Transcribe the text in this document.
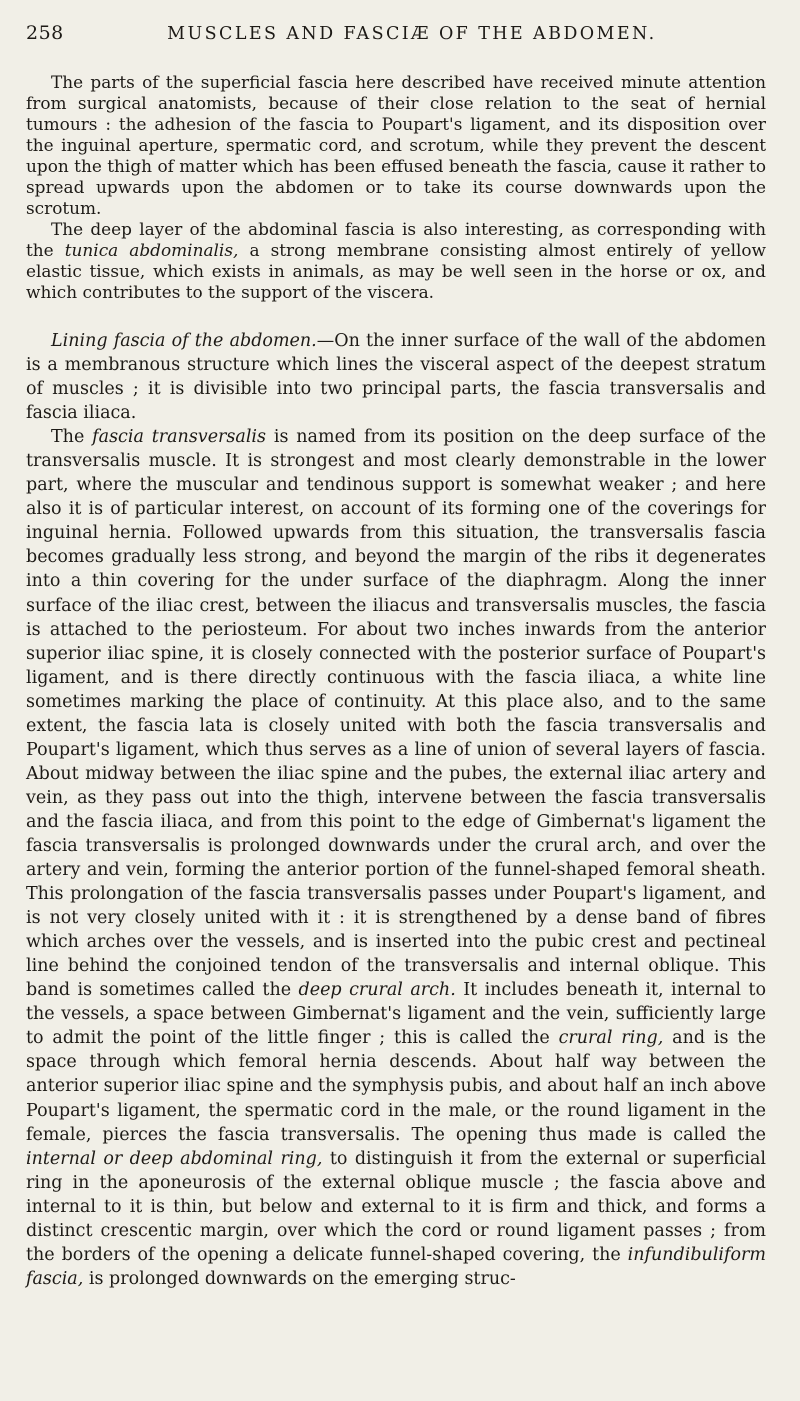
258	MUSCLES AND FASCIÆ OF THE ABDOMEN.

The parts of the superficial fascia here described have received minute attention from surgical anatomists, because of their close relation to the seat of hernial tumours : the adhesion of the fascia to Poupart's ligament, and its disposition over the inguinal aperture, spermatic cord, and scrotum, while they prevent the descent upon the thigh of matter which has been effused beneath the fascia, cause it rather to spread upwards upon the abdomen or to take its course downwards upon the scrotum.

The deep layer of the abdominal fascia is also interesting, as corresponding with the tunica abdominalis, a strong membrane consisting almost entirely of yellow elastic tissue, which exists in animals, as may be well seen in the horse or ox, and which contributes to the support of the viscera.

Lining fascia of the abdomen.—On the inner surface of the wall of the abdomen is a membranous structure which lines the visceral aspect of the deepest stratum of muscles ; it is divisible into two principal parts, the fascia transversalis and fascia iliaca.

The fascia transversalis is named from its position on the deep surface of the transversalis muscle. It is strongest and most clearly demonstrable in the lower part, where the muscular and tendinous support is somewhat weaker ; and here also it is of particular interest, on account of its forming one of the coverings for inguinal hernia. Followed upwards from this situation, the transversalis fascia becomes gradually less strong, and beyond the margin of the ribs it degenerates into a thin covering for the under surface of the diaphragm. Along the inner surface of the iliac crest, between the iliacus and transversalis muscles, the fascia is attached to the periosteum. For about two inches inwards from the anterior superior iliac spine, it is closely connected with the posterior surface of Poupart's ligament, and is there directly continuous with the fascia iliaca, a white line sometimes marking the place of continuity. At this place also, and to the same extent, the fascia lata is closely united with both the fascia transversalis and Poupart's ligament, which thus serves as a line of union of several layers of fascia. About midway between the iliac spine and the pubes, the external iliac artery and vein, as they pass out into the thigh, intervene between the fascia transversalis and the fascia iliaca, and from this point to the edge of Gimbernat's ligament the fascia transversalis is prolonged downwards under the crural arch, and over the artery and vein, forming the anterior portion of the funnel-shaped femoral sheath. This prolongation of the fascia transversalis passes under Poupart's ligament, and is not very closely united with it : it is strengthened by a dense band of fibres which arches over the vessels, and is inserted into the pubic crest and pectineal line behind the conjoined tendon of the transversalis and internal oblique. This band is sometimes called the deep crural arch. It includes beneath it, internal to the vessels, a space between Gimbernat's ligament and the vein, sufficiently large to admit the point of the little finger ; this is called the crural ring, and is the space through which femoral hernia descends. About half way between the anterior superior iliac spine and the symphysis pubis, and about half an inch above Poupart's ligament, the spermatic cord in the male, or the round ligament in the female, pierces the fascia transversalis. The opening thus made is called the internal or deep abdominal ring, to distinguish it from the external or superficial ring in the aponeurosis of the external oblique muscle ; the fascia above and internal to it is thin, but below and external to it is firm and thick, and forms a distinct crescentic margin, over which the cord or round ligament passes ; from the borders of the opening a delicate funnel-shaped covering, the infundibuliform fascia, is prolonged downwards on the emerging struc-
